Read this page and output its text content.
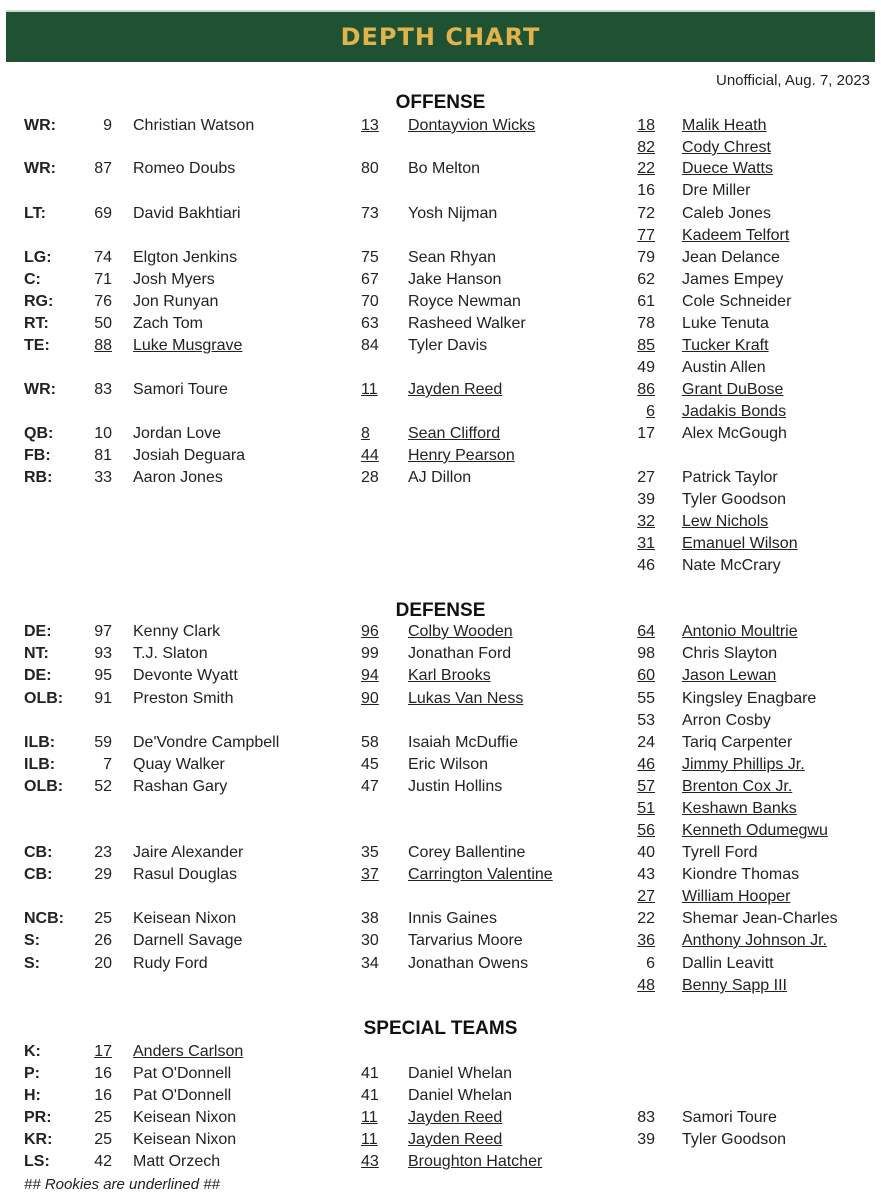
DEPTH CHART
Unofficial, Aug. 7, 2023
OFFENSE
DEFENSE
SPECIAL TEAMS
WR:	9 Christian Watson	13 Dontayvion Wicks	18 Malik Heath
82 Cody Chrest
WR: 87 Romeo Doubs	80 Bo Melton	22 Duece Watts
16 Dre Miller
LT:	69 David Bakhtiari	73 Yosh Nijman	72 Caleb Jones
77 Kadeem Telfort
LG:	74 Elgton Jenkins	75 Sean Rhyan	79 Jean Delance
C:	71 Josh Myers	67 Jake Hanson	62 James Empey
RG:	76 Jon Runyan	70 Royce Newman	61 Cole Schneider
RT:	50 Zach Tom	63 Rasheed Walker	78 Luke Tenuta
TE:	88 Luke Musgrave	84 Tyler Davis	85 Tucker Kraft
49 Austin Allen
WR: 83 Samori Toure	11 Jayden Reed	86 Grant DuBose
6 Jadakis Bonds
QB:	10 Jordan Love	8 Sean Clifford	17 Alex McGough
FB:	81 Josiah Deguara	44 Henry Pearson
RB:	33 Aaron Jones	28 AJ Dillon	27 Patrick Taylor
39 Tyler Goodson
32 Lew Nichols
31 Emanuel Wilson
46 Nate McCrary
DE:	97 Kenny Clark	96 Colby Wooden	64 Antonio Moultrie
NT:	93 T.J. Slaton	99 Jonathan Ford	98 Chris Slayton
DE:	95 Devonte Wyatt	94 Karl Brooks	60 Jason Lewan
OLB: 91 Preston Smith	90 Lukas Van Ness	55 Kingsley Enagbare
53 Arron Cosby
ILB: 59 De'Vondre Campbell	58 Isaiah McDuffie	24 Tariq Carpenter
ILB:	7 Quay Walker	45 Eric Wilson	46 Jimmy Phillips Jr.
OLB: 52 Rashan Gary	47 Justin Hollins	57 Brenton Cox Jr.
51 Keshawn Banks
56 Kenneth Odumegwu
CB:	23 Jaire Alexander	35 Corey Ballentine	40 Tyrell Ford
CB:	29 Rasul Douglas	37 Carrington Valentine	43 Kiondre Thomas
27 William Hooper
NCB: 25 Keisean Nixon	38 Innis Gaines	22 Shemar Jean-Charles
S:	26 Darnell Savage	30 Tarvarius Moore	36 Anthony Johnson Jr.
S:	20 Rudy Ford	34 Jonathan Owens	6 Dallin Leavitt
48 Benny Sapp III
K:	17 Anders Carlson
P:	16 Pat O'Donnell	41 Daniel Whelan
H:	16 Pat O'Donnell	41 Daniel Whelan
PR:	25 Keisean Nixon	11 Jayden Reed	83 Samori Toure
KR:	25 Keisean Nixon	11 Jayden Reed	39 Tyler Goodson
LS:	42 Matt Orzech	43 Broughton Hatcher
## Rookies are underlined ##
